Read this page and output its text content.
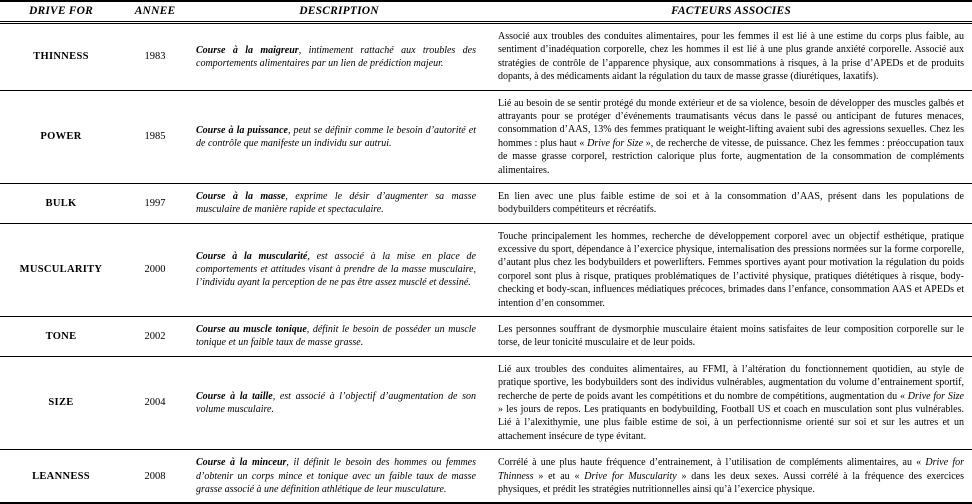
DRIVE FOR	ANNEE	DESCRIPTION	FACTEURS ASSOCIES
THINNESS	1983	Course à la maigreur, intimement rattaché aux troubles des comportements alimentaires par un lien de prédiction majeur.	Associé aux troubles des conduites alimentaires, pour les femmes il est lié à une estime du corps plus faible, au sentiment d’inadéquation corporelle, chez les hommes il est lié à une plus grande anxiété corporelle. Associé aux stratégies de contrôle de l’apparence physique, aux consommations à risques, à la prise d’APEDs et de produits dopants, à des médicaments aidant la régulation du taux de masse grasse (diurétiques, laxatifs).
POWER	1985	Course à la puissance, peut se définir comme le besoin d’autorité et de contrôle que manifeste un individu sur autrui.	Lié au besoin de se sentir protégé du monde extérieur et de sa violence, besoin de développer des muscles galbés et attrayants pour se protéger d’événements traumatisants vécus dans le passé ou anticipant de futures menaces, consommation d’AAS, 13% des femmes pratiquant le weight-lifting avaient subi des agressions sexuelles. Chez les hommes : plus haut « Drive for Size », de recherche de vitesse, de puissance. Chez les femmes : préoccupation taux de masse grasse corporel, restriction calorique plus forte, augmentation de la consommation de compléments alimentaires.
BULK	1997	Course à la masse, exprime le désir d’augmenter sa masse musculaire de manière rapide et spectaculaire.	En lien avec une plus faible estime de soi et à la consommation d’AAS, présent dans les populations de bodybuilders compétiteurs et récréatifs.
MUSCULARITY	2000	Course à la muscularité, est associé à la mise en place de comportements et attitudes visant à prendre de la masse musculaire, l’individu ayant la perception de ne pas être assez musclé et dessiné.	Touche principalement les hommes, recherche de développement corporel avec un objectif esthétique, pratique excessive du sport, dépendance à l’exercice physique, internalisation des pressions normées sur la forme corporelle, d’autant plus chez les bodybuilders et powerlifters. Femmes sportives ayant pour motivation la régulation du poids corporel sont plus à risque, pratiques problématiques de l’activité physique, pratiques diététiques à risque, body-checking et body-scan, influences médiatiques précoces, brimades dans l’enfance, consommation AAS et APEDs et intention d’en consommer.
TONE	2002	Course au muscle tonique, définit le besoin de posséder un muscle tonique et un faible taux de masse grasse.	Les personnes souffrant de dysmorphie musculaire étaient moins satisfaites de leur composition corporelle sur le torse, de leur tonicité musculaire et de leur poids.
SIZE	2004	Course à la taille, est associé à l’objectif d’augmentation de son volume musculaire.	Lié aux troubles des conduites alimentaires, au FFMI, à l’altération du fonctionnement quotidien, au style de pratique sportive, les bodybuilders sont des individus vulnérables, augmentation du volume d’entrainement sportif, recherche de perte de poids avant les compétitions et du nombre de compétitions, augmentation du « Drive for Size » les jours de repos. Les pratiquants en bodybuilding, Football US et coach en musculation sont plus vulnérables. Lié à l’alexithymie, une plus faible estime de soi, à un perfectionnisme orienté sur soi et sur les autres et un attachement insécure de type évitant.
LEANNESS	2008	Course à la minceur, il définit le besoin des hommes ou femmes d’obtenir un corps mince et tonique avec un faible taux de masse grasse associé à une définition athlétique de leur musculature.	Corrélé à une plus haute fréquence d’entrainement, à l’utilisation de compléments alimentaires, au « Drive for Thinness » et au « Drive for Muscularity » dans les deux sexes. Aussi corrélé à la fréquence des exercices physiques, et prédit les stratégies nutritionnelles ainsi qu’à l’exercice physique.
